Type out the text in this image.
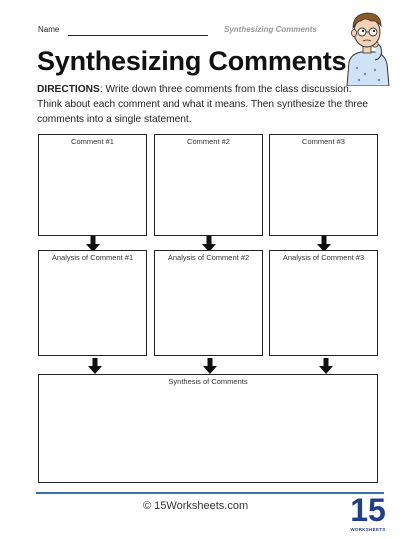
Name	Synthesizing Comments
Synthesizing Comments
DIRECTIONS: Write down three comments from the class discussion. Think about each comment and what it means. Then synthesize the three comments into a single statement.
Comment #1	Comment #2	Comment #3
Analysis of Comment #1	Analysis of Comment #2	Analysis of Comment #3
Synthesis of Comments
© 15Worksheets.com	15
WORKSHEETS
